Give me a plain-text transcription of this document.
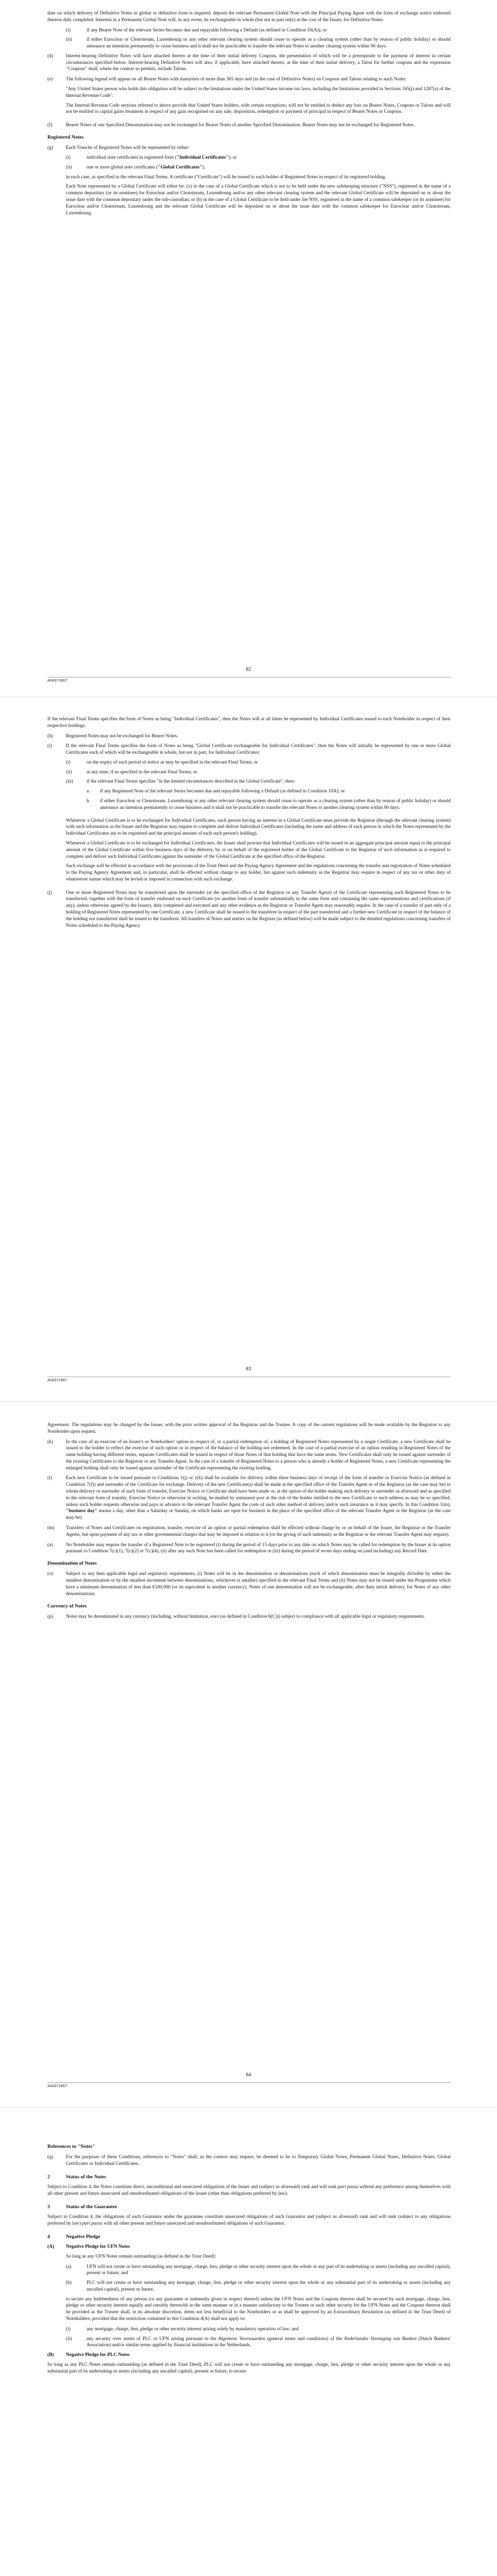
date on which delivery of Definitive Notes in global or definitive form is required, deposit the relevant Permanent Global Note with the Principal Paying Agent with the form of exchange notice endorsed thereon duly completed. Interests in a Permanent Global Note will, in any event, be exchangeable in whole (but not in part only) at the cost of the Issuer, for Definitive Notes:

(i)	if any Bearer Note of the relevant Series becomes due and repayable following a Default (as defined in Condition 10(A)); or
(ii)	if either Euroclear or Clearstream, Luxembourg or any other relevant clearing system should cease to operate as a clearing system (other than by reason of public holiday) or should announce an intention permanently to cease business and it shall not be practicable to transfer the relevant Notes to another clearing system within 90 days.
(d)	Interest-bearing Definitive Notes will have attached thereto at the time of their initial delivery Coupons, the presentation of which will be a prerequisite to the payment of interest in certain circumstances specified below. Interest-bearing Definitive Notes will also, if applicable, have attached thereto, at the time of their initial delivery, a Talon for further coupons and the expression "Coupons" shall, where the context so permits, include Talons.
(e)	The following legend will appear on all Bearer Notes with maturities of more than 365 days and (in the case of Definitive Notes) on Coupons and Talons relating to such Notes:

"Any United States person who holds this obligation will be subject to the limitations under the United States income tax laws, including the limitations provided in Sections 165(j) and 1287(a) of the Internal Revenue Code".

The Internal Revenue Code sections referred to above provide that United States holders, with certain exceptions, will not be entitled to deduct any loss on Bearer Notes, Coupons or Talons and will not be entitled to capital gains treatment in respect of any gain recognised on any sale, disposition, redemption or payment of principal in respect of Bearer Notes or Coupons.

(f)	Bearer Notes of one Specified Denomination may not be exchanged for Bearer Notes of another Specified Denomination. Bearer Notes may not be exchanged for Registered Notes.
Registered Notes
(g)	Each Tranche of Registered Notes will be represented by either:

(i)	individual note certificates in registered form ("Individual Certificates"); or
(ii)	one or more global note certificates ("Global Certificates"),

in each case, as specified in the relevant Final Terms. A certificate ("Certificate") will be issued to each holder of Registered Notes in respect of its registered holding.

Each Note represented by a Global Certificate will either be: (x) in the case of a Global Certificate which is not to be held under the new safekeeping structure ("NSS"), registered in the name of a common depositary (or its nominee) for Euroclear and/or Clearstream, Luxembourg and/or any other relevant clearing system and the relevant Global Certificate will be deposited on or about the issue date with the common depositary under the sub-custodian; or (b) in the case of a Global Certificate to be held under the NSS, registered in the name of a common safekeeper (or its nominee) for Euroclear and/or Clearstream, Luxembourg and the relevant Global Certificate will be deposited on or about the issue date with the common safekeeper for Euroclear and/or Clearstream, Luxembourg.

82
A04371867

If the relevant Final Terms specifies the form of Notes as being "Individual Certificates", then the Notes will at all times be represented by Individual Certificates issued to each Noteholder in respect of their respective holdings.

(h)	Registered Notes may not be exchanged for Bearer Notes.
(i)	If the relevant Final Terms specifies the form of Notes as being "Global Certificate exchangeable for Individual Certificates", then the Notes will initially be represented by one or more Global Certificates each of which will be exchangeable in whole, but not in part, for Individual Certificates:

(i)	on the expiry of such period of notice as may be specified in the relevant Final Terms; or
(ii)	at any time, if so specified in the relevant Final Terms; or
(iii)	if the relevant Final Terms specifies "in the limited circumstances described in the Global Certificate", then:

a.	if any Registered Note of the relevant Series becomes due and repayable following a Default (as defined in Condition 10A); or
b.	if either Euroclear or Clearstream, Luxembourg or any other relevant clearing system should cease to operate as a clearing system (other than by reason of public holiday) or should announce an intention permanently to cease business and it shall not be practicable to transfer the relevant Notes to another clearing system within 90 days.

Whenever a Global Certificate is to be exchanged for Individual Certificates, each person having an interest in a Global Certificate must provide the Registrar (through the relevant clearing system) with such information as the Issuer and the Registrar may require to complete and deliver Individual Certificates (including the name and address of each person in which the Notes represented by the Individual Certificates are to be registered and the principal amount of each such person's holding).

Whenever a Global Certificate is to be exchanged for Individual Certificates, the Issuer shall procure that Individual Certificates will be issued in an aggregate principal amount equal to the principal amount of the Global Certificate within five business days of the delivery, by or on behalf of the registered holder of the Global Certificate to the Registrar of such information as is required to complete and deliver such Individual Certificates against the surrender of the Global Certificate at the specified office of the Registrar.

Such exchange will be effected in accordance with the provisions of the Trust Deed and the Paying Agency Agreement and the regulations concerning the transfer and registration of Notes scheduled to the Paying Agency Agreement and, in particular, shall be effected without charge to any holder, but against such indemnity as the Registrar may require in respect of any tax or other duty of whatsoever nature which may be levied or imposed in connection with such exchange.

(j)	One or more Registered Notes may be transferred upon the surrender (at the specified office of the Registrar or any Transfer Agent) of the Certificate representing such Registered Notes to be transferred, together with the form of transfer endorsed on such Certificate (or another form of transfer substantially in the same form and containing the same representations and certifications (if any), unless otherwise agreed by the Issuer), duly completed and executed and any other evidence as the Registrar or Transfer Agent may reasonably require. In the case of a transfer of part only of a holding of Registered Notes represented by one Certificate, a new Certificate shall be issued to the transferee in respect of the part transferred and a further new Certificate in respect of the balance of the holding not transferred shall be issued to the transferor. All transfers of Notes and entries on the Register (as defined below) will be made subject to the detailed regulations concerning transfers of Notes scheduled to the Paying Agency
83
A04371867

Agreement. The regulations may be changed by the Issuer, with the prior written approval of the Registrar and the Trustee. A copy of the current regulations will be made available by the Registrar to any Noteholder upon request.

(k)	In the case of an exercise of an Issuer's or Noteholders' option in respect of, or a partial redemption of, a holding of Registered Notes represented by a single Certificate, a new Certificate shall be issued to the holder to reflect the exercise of such option or in respect of the balance of the holding not redeemed. In the case of a partial exercise of an option resulting in Registered Notes of the same holding having different terms, separate Certificates shall be issued in respect of those Notes of that holding that have the same terms. New Certificates shall only be issued against surrender of the existing Certificates to the Registrar or any Transfer Agent. In the case of a transfer of Registered Notes to a person who is already a holder of Registered Notes, a new Certificate representing the enlarged holding shall only be issued against surrender of the Certificate representing the existing holding.
(l)	Each new Certificate to be issued pursuant to Conditions 1(j) or 1(k) shall be available for delivery within three business days of receipt of the form of transfer or Exercise Notice (as defined in Condition 7(f)) and surrender of the Certificate for exchange. Delivery of the new Certificate(s) shall be made at the specified office of the Transfer Agent or of the Registrar (as the case may be) to whom delivery or surrender of such form of transfer, Exercise Notice or Certificate shall have been made or, at the option of the holder making such delivery or surrender as aforesaid and as specified in the relevant form of transfer, Exercise Notice or otherwise in writing, be mailed by uninsured post at the risk of the holder entitled to the new Certificate to such address as may be so specified, unless such holder requests otherwise and pays in advance to the relevant Transfer Agent the costs of such other method of delivery and/or such insurance as it may specify. In this Condition 1(m), "business day" means a day, other than a Saturday or Sunday, on which banks are open for business in the place of the specified office of the relevant Transfer Agent or the Registrar (as the case may be).
(m)	Transfers of Notes and Certificates on registration, transfer, exercise of an option or partial redemption shall be effected without charge by or on behalf of the Issuer, the Registrar or the Transfer Agents, but upon payment of any tax or other governmental charges that may be imposed in relation to it (or the giving of such indemnity as the Registrar or the relevant Transfer Agent may require).
(n)	No Noteholder may require the transfer of a Registered Note to be registered (i) during the period of 15 days prior to any date on which Notes may be called for redemption by the Issuer at its option pursuant to Condition 7(c)(1), 7(c)(2) or 7(c)(4), (ii) after any such Note has been called for redemption or (iii) during the period of seven days ending on (and including) any Record Date.
Denomination of Notes
(o)	Subject to any then applicable legal and regulatory requirements, (i) Notes will be in the denomination or denominations (each of which denomination must be integrally divisible by either the smallest denomination or by the smallest increment between denominations, whichever is smaller) specified in the relevant Final Terms and (ii) Notes may not be issued under the Programme which have a minimum denomination of less than €100,000 (or its equivalent in another currency). Notes of one denomination will not be exchangeable, after their initial delivery, for Notes of any other denominations.
Currency of Notes
(p)	Notes may be denominated in any currency (including, without limitation, euro (as defined in Condition 6(C))) subject to compliance with all applicable legal or regulatory requirements.
84
A04371867
References to "Notes"
(q)	For the purposes of these Conditions, references to "Notes" shall, as the context may require, be deemed to be to Temporary Global Notes, Permanent Global Notes, Definitive Notes, Global Certificates or Individual Certificates.
2	Status of the Notes

Subject to Condition 4, the Notes constitute direct, unconditional and unsecured obligations of the Issuer and (subject as aforesaid) rank and will rank pari passu without any preference among themselves with all other present and future unsecured and unsubordinated obligations of the Issuer (other than obligations preferred by law).

3	Status of the Guarantee

Subject to Condition 4, the obligations of each Guarantor under the guarantee constitute unsecured obligations of such Guarantor and (subject as aforesaid) rank and will rank (subject to any obligations preferred by law) pari passu with all other present and future unsecured and unsubordinated obligations of such Guarantor.

4	Negative Pledge
(A)	Negative Pledge for UFN Notes

So long as any UFN Notes remain outstanding (as defined in the Trust Deed):

(a)	UFN will not create or have outstanding any mortgage, charge, lien, pledge or other security interest upon the whole or any part of its undertaking or assets (including any uncalled capital), present or future; and
(b)	PLC will not create or have outstanding any mortgage, charge, lien, pledge or other security interest upon the whole or any substantial part of its undertaking or assets (including any uncalled capital), present or future,

to secure any Indebtedness of any person (or any guarantee or indemnity given in respect thereof) unless the UFN Notes and the Coupons thereon shall be secured by such mortgage, charge, lien, pledge or other security interest equally and rateably therewith in the same manner or in a manner satisfactory to the Trustee or such other security for the UFN Notes and the Coupons thereon shall be provided as the Trustee shall, in its absolute discretion, deem not less beneficial to the Noteholders or as shall be approved by an Extraordinary Resolution (as defined in the Trust Deed) of Noteholders; provided that the restriction contained in this Condition 4(A) shall not apply to:

(i)	any mortgage, charge, lien, pledge or other security interest arising solely by mandatory operation of law; and
(ii)	any security over assets of PLC or UFN arising pursuant to the Algemene Voorwaarden (general terms and conditions) of the Nederlandse Vereniging van Banken (Dutch Bankers' Association) and/or similar terms applied by financial institutions in the Netherlands.
(B)	Negative Pledge for PLC Notes

So long as any PLC Notes remain outstanding (as defined in the Trust Deed), PLC will not create or have outstanding any mortgage, charge, lien, pledge or other security interest upon the whole or any substantial part of its undertaking or assets (including any uncalled capital), present or future, to secure
